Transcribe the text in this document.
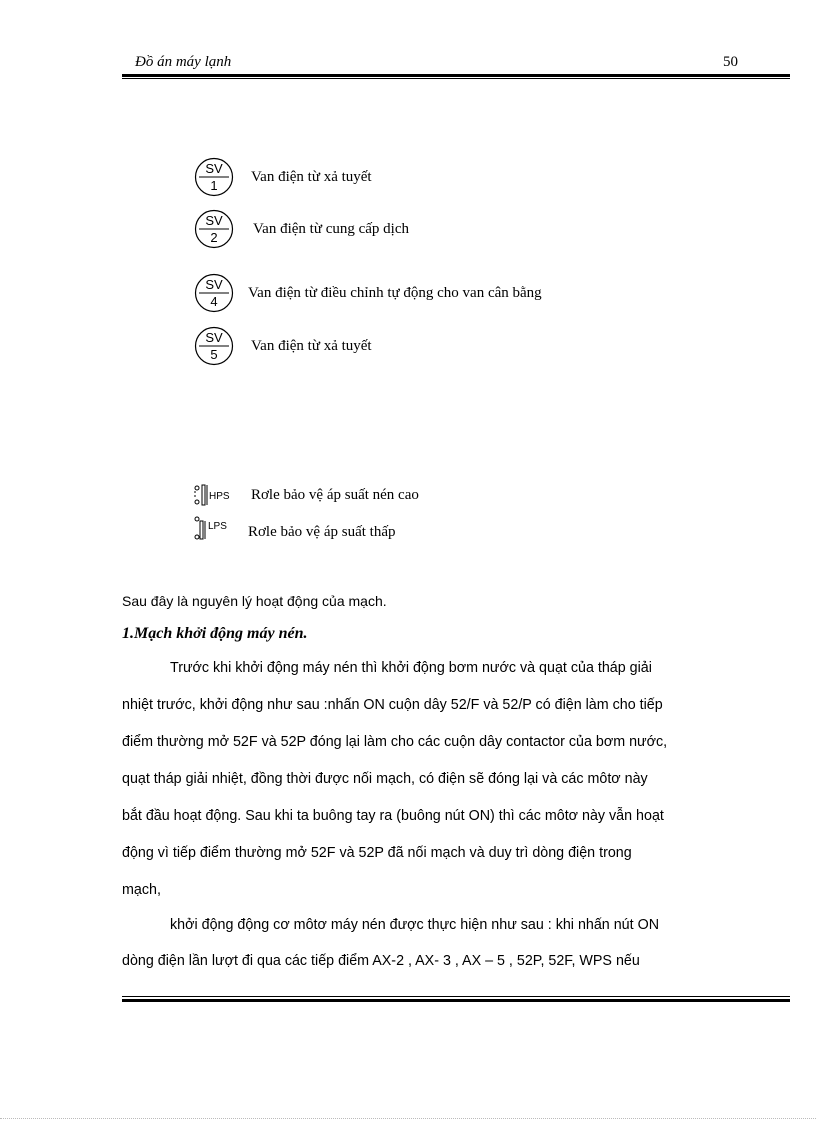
Đồ án máy lạnh	50
SV
1
Van điện từ xả tuyết
SV
2
Van điện từ cung cấp dịch
SV
4
Van điện từ điều chỉnh tự động cho van cân bằng
SV
5
Van điện từ xả tuyết
HPS Rơle bảo vệ áp suất nén cao
LPS Rơle bảo vệ áp suất thấp
Sau đây là nguyên lý hoạt động của mạch.
1.Mạch khởi động máy nén.
Trước khi khởi động máy nén thì khởi động bơm nước và quạt của tháp giải
nhiệt trước, khởi động như sau :nhấn ON cuộn dây 52/F và 52/P có điện làm cho tiếp
điểm thường mở 52F và 52P đóng lại làm cho các cuộn dây contactor của bơm nước,
quạt tháp giải nhiệt, đồng thời được nối mạch, có điện sẽ đóng lại và các môtơ này
bắt đầu hoạt động. Sau khi ta buông tay ra (buông nút ON) thì các môtơ này vẫn hoạt
động vì tiếp điểm thường mở 52F và 52P đã nối mạch và duy trì dòng điện trong
mạch,
khởi động động cơ môtơ máy nén được thực hiện như sau : khi nhấn nút ON
dòng điện lần lượt đi qua các tiếp điểm AX-2 , AX- 3 , AX – 5 , 52P, 52F, WPS nếu
